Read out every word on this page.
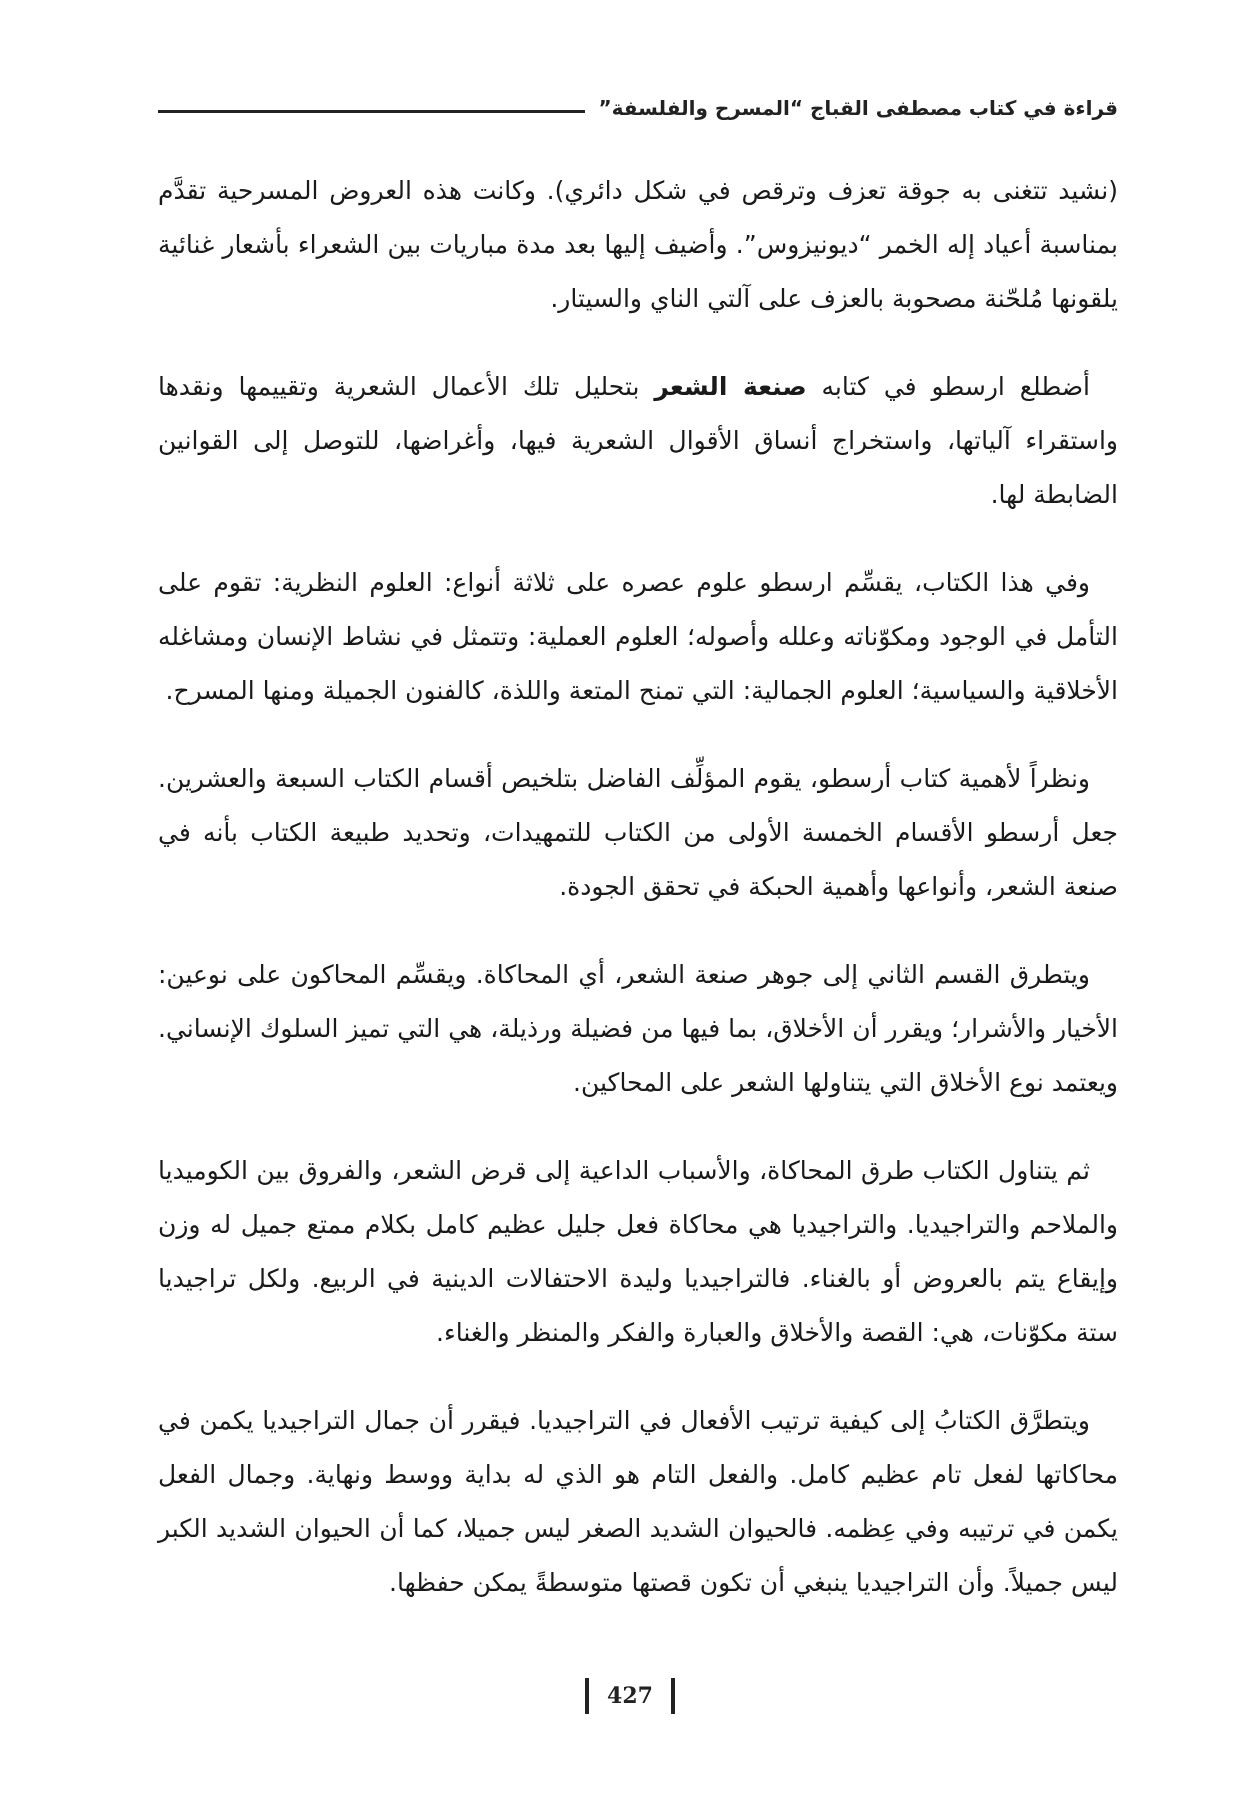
قراءة في كتاب مصطفى القباج “المسرح والفلسفة”

(نشيد تتغنى به جوقة تعزف وترقص في شكل دائري). وكانت هذه العروض المسرحية تقدَّم بمناسبة أعياد إله الخمر “ديونيزوس”. وأضيف إليها بعد مدة مباريات بين الشعراء بأشعار غنائية يلقونها مُلحّنة مصحوبة بالعزف على آلتي الناي والسيتار.

أضطلع ارسطو في كتابه صنعة الشعر بتحليل تلك الأعمال الشعرية وتقييمها ونقدها واستقراء آلياتها، واستخراج أنساق الأقوال الشعرية فيها، وأغراضها، للتوصل إلى القوانين الضابطة لها.

وفي هذا الكتاب، يقسِّم ارسطو علوم عصره على ثلاثة أنواع: العلوم النظرية: تقوم على التأمل في الوجود ومكوّناته وعلله وأصوله؛ العلوم العملية: وتتمثل في نشاط الإنسان ومشاغله الأخلاقية والسياسية؛ العلوم الجمالية: التي تمنح المتعة واللذة، كالفنون الجميلة ومنها المسرح.

ونظراً لأهمية كتاب أرسطو، يقوم المؤلِّف الفاضل بتلخيص أقسام الكتاب السبعة والعشرين. جعل أرسطو الأقسام الخمسة الأولى من الكتاب للتمهيدات، وتحديد طبيعة الكتاب بأنه في صنعة الشعر، وأنواعها وأهمية الحبكة في تحقق الجودة.

ويتطرق القسم الثاني إلى جوهر صنعة الشعر، أي المحاكاة. ويقسِّم المحاكون على نوعين: الأخيار والأشرار؛ ويقرر أن الأخلاق، بما فيها من فضيلة ورذيلة، هي التي تميز السلوك الإنساني. ويعتمد نوع الأخلاق التي يتناولها الشعر على المحاكين.

ثم يتناول الكتاب طرق المحاكاة، والأسباب الداعية إلى قرض الشعر، والفروق بين الكوميديا والملاحم والتراجيديا. والتراجيديا هي محاكاة فعل جليل عظيم كامل بكلام ممتع جميل له وزن وإيقاع يتم بالعروض أو بالغناء. فالتراجيديا وليدة الاحتفالات الدينية في الربيع. ولكل تراجيديا ستة مكوّنات، هي: القصة والأخلاق والعبارة والفكر والمنظر والغناء.

ويتطرَّق الكتابُ إلى كيفية ترتيب الأفعال في التراجيديا. فيقرر أن جمال التراجيديا يكمن في محاكاتها لفعل تام عظيم كامل. والفعل التام هو الذي له بداية ووسط ونهاية. وجمال الفعل يكمن في ترتيبه وفي عِظمه. فالحيوان الشديد الصغر ليس جميلا، كما أن الحيوان الشديد الكبر ليس جميلاً. وأن التراجيديا ينبغي أن تكون قصتها متوسطةً يمكن حفظها.

427
